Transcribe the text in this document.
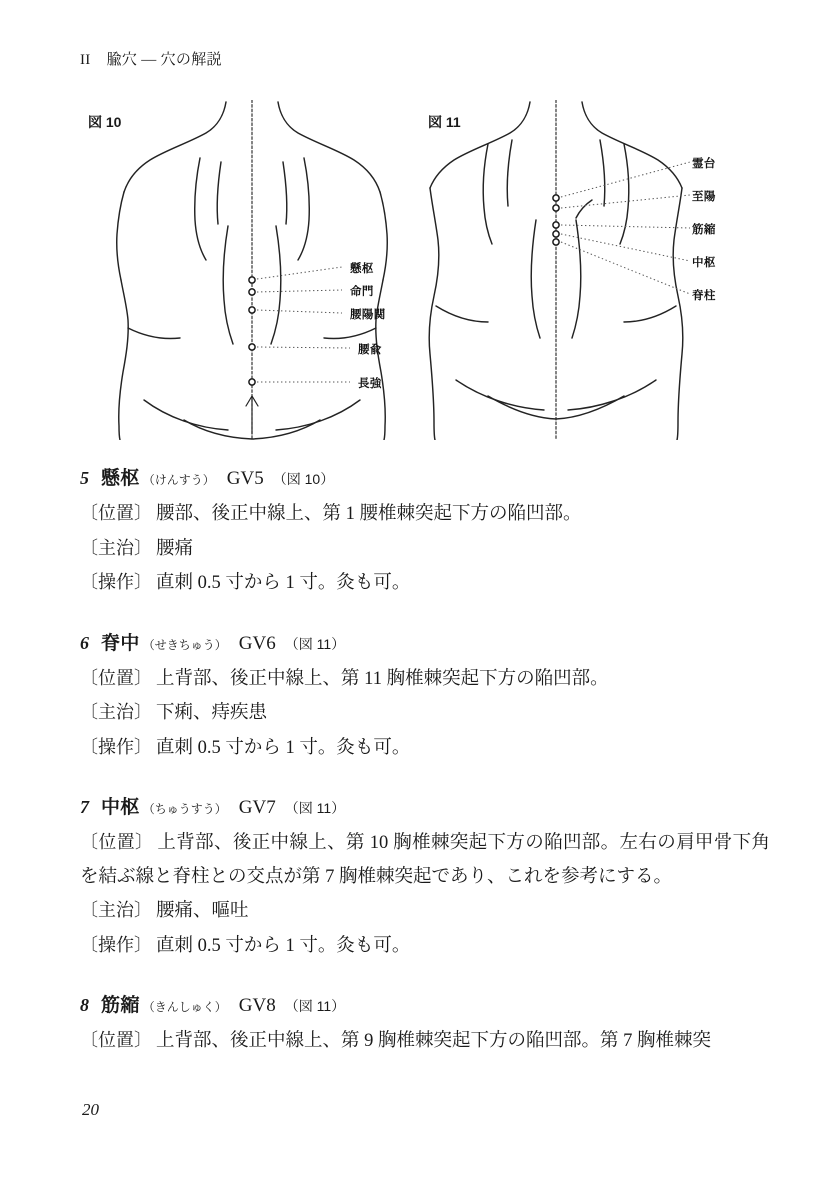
II 腧穴 — 穴の解説
図 10
懸枢
命門
腰陽関
腰兪
長強
図 11
霊台
至陽
筋縮
中枢
脊柱
5 懸枢 （けんすう） GV5 （図 10）
〔位置〕 腰部、後正中線上、第 1 腰椎棘突起下方の陥凹部。
〔主治〕 腰痛
〔操作〕 直刺 0.5 寸から 1 寸。灸も可。
6 脊中 （せきちゅう） GV6 （図 11）
〔位置〕 上背部、後正中線上、第 11 胸椎棘突起下方の陥凹部。
〔主治〕 下痢、痔疾患
〔操作〕 直刺 0.5 寸から 1 寸。灸も可。
7 中枢 （ちゅうすう） GV7 （図 11）
〔位置〕 上背部、後正中線上、第 10 胸椎棘突起下方の陥凹部。左右の肩甲骨下角を結ぶ線と脊柱との交点が第 7 胸椎棘突起であり、これを参考にする。
〔主治〕 腰痛、嘔吐
〔操作〕 直刺 0.5 寸から 1 寸。灸も可。
8 筋縮 （きんしゅく） GV8 （図 11）
〔位置〕 上背部、後正中線上、第 9 胸椎棘突起下方の陥凹部。第 7 胸椎棘突
20
